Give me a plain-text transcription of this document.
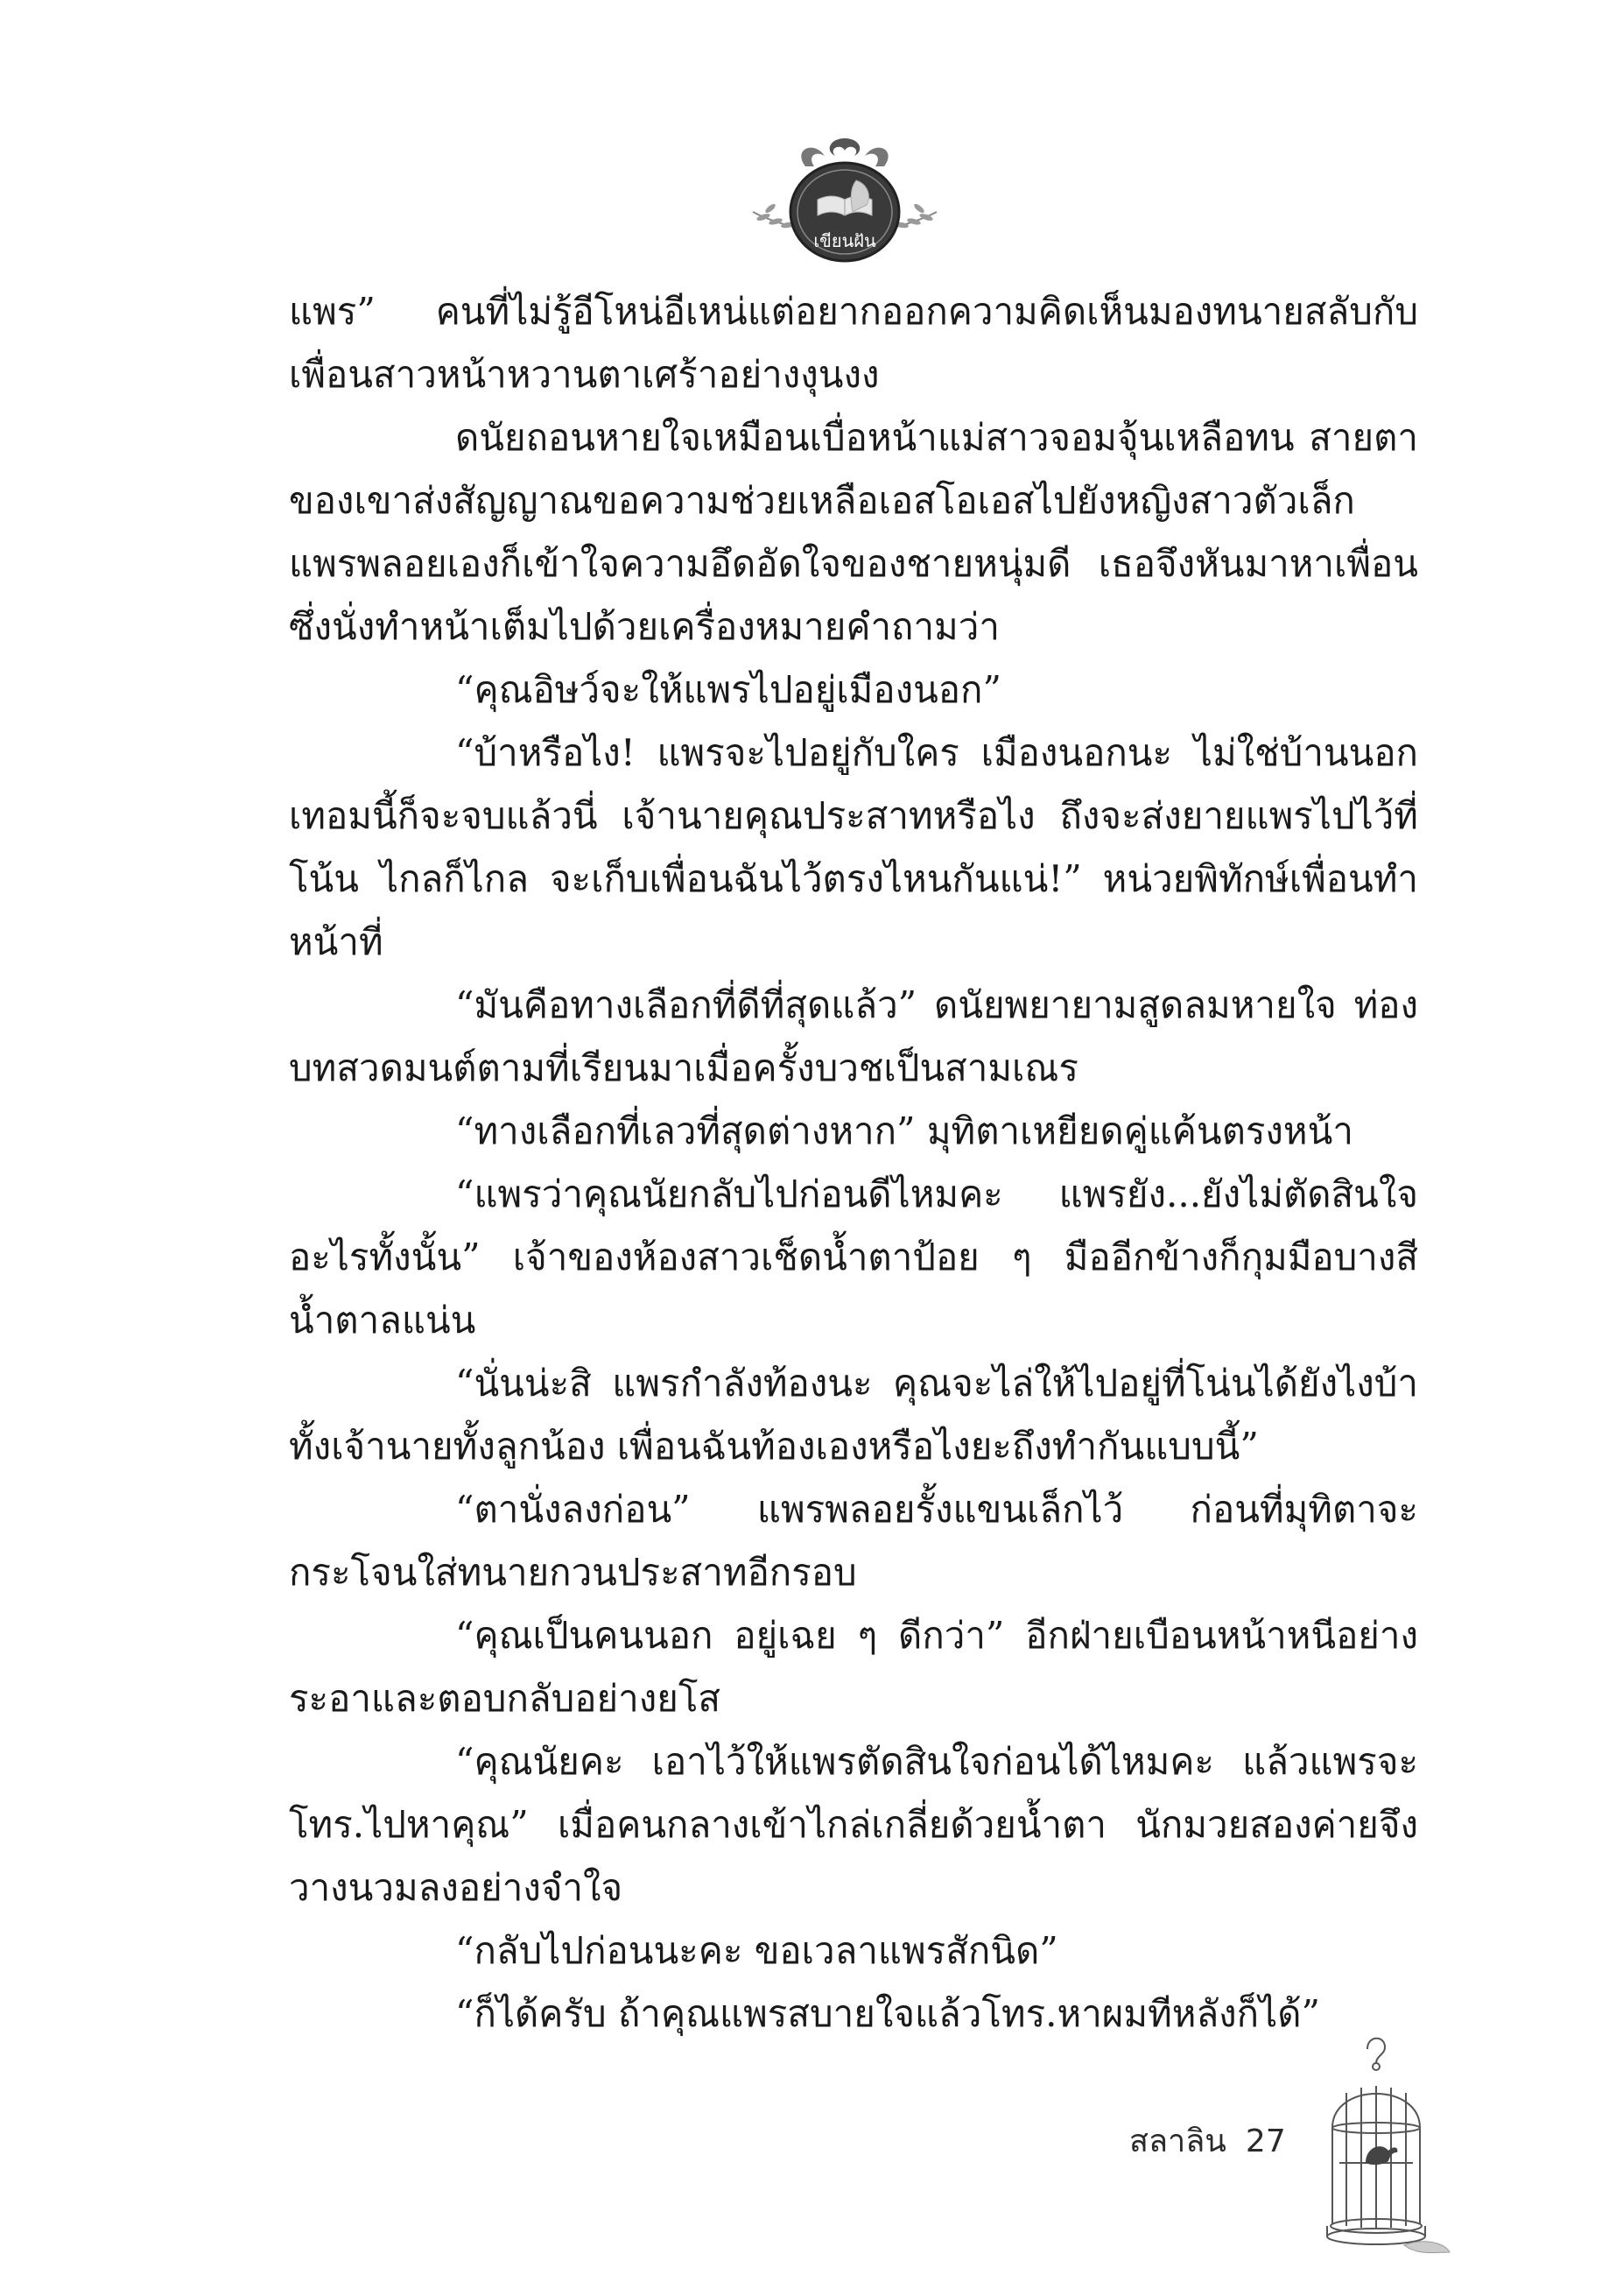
เขียนฝัน

แพร” คนที่ไม่รู้อีโหน่อีเหน่แต่อยากออกความคิดเห็นมองทนายสลับกับเพื่อนสาวหน้าหวานตาเศร้าอย่างงุนงง

ดนัยถอนหายใจเหมือนเบื่อหน้าแม่สาวจอมจุ้นเหลือทน สายตาของเขาส่งสัญญาณขอความช่วยเหลือเอสโอเอสไปยังหญิงสาวตัวเล็ก แพรพลอยเองก็เข้าใจความอึดอัดใจของชายหนุ่มดี เธอจึงหันมาหาเพื่อนซึ่งนั่งทำหน้าเต็มไปด้วยเครื่องหมายคำถามว่า

“คุณอิษว์จะให้แพรไปอยู่เมืองนอก”

“บ้าหรือไง! แพรจะไปอยู่กับใคร เมืองนอกนะ ไม่ใช่บ้านนอก เทอมนี้ก็จะจบแล้วนี่ เจ้านายคุณประสาทหรือไง ถึงจะส่งยายแพรไปไว้ที่โน้น ไกลก็ไกล จะเก็บเพื่อนฉันไว้ตรงไหนกันแน่!” หน่วยพิทักษ์เพื่อนทำหน้าที่

“มันคือทางเลือกที่ดีที่สุดแล้ว” ดนัยพยายามสูดลมหายใจ ท่องบทสวดมนต์ตามที่เรียนมาเมื่อครั้งบวชเป็นสามเณร

“ทางเลือกที่เลวที่สุดต่างหาก” มุทิตาเหยียดคู่แค้นตรงหน้า

“แพรว่าคุณนัยกลับไปก่อนดีไหมคะ แพรยัง...ยังไม่ตัดสินใจอะไรทั้งนั้น” เจ้าของห้องสาวเช็ดน้ำตาป้อย ๆ มืออีกข้างก็กุมมือบางสีน้ำตาลแน่น

“นั่นน่ะสิ แพรกำลังท้องนะ คุณจะไล่ให้ไปอยู่ที่โน่นได้ยังไงบ้าทั้งเจ้านายทั้งลูกน้อง เพื่อนฉันท้องเองหรือไงยะถึงทำกันแบบนี้”

“ตานั่งลงก่อน” แพรพลอยรั้งแขนเล็กไว้ ก่อนที่มุทิตาจะกระโจนใส่ทนายกวนประสาทอีกรอบ

“คุณเป็นคนนอก อยู่เฉย ๆ ดีกว่า” อีกฝ่ายเบือนหน้าหนีอย่างระอาและตอบกลับอย่างยโส

“คุณนัยคะ เอาไว้ให้แพรตัดสินใจก่อนได้ไหมคะ แล้วแพรจะโทร.ไปหาคุณ” เมื่อคนกลางเข้าไกล่เกลี่ยด้วยน้ำตา นักมวยสองค่ายจึงวางนวมลงอย่างจำใจ

“กลับไปก่อนนะคะ ขอเวลาแพรสักนิด”

“ก็ได้ครับ ถ้าคุณแพรสบายใจแล้วโทร.หาผมทีหลังก็ได้”

สลาลิน 27
